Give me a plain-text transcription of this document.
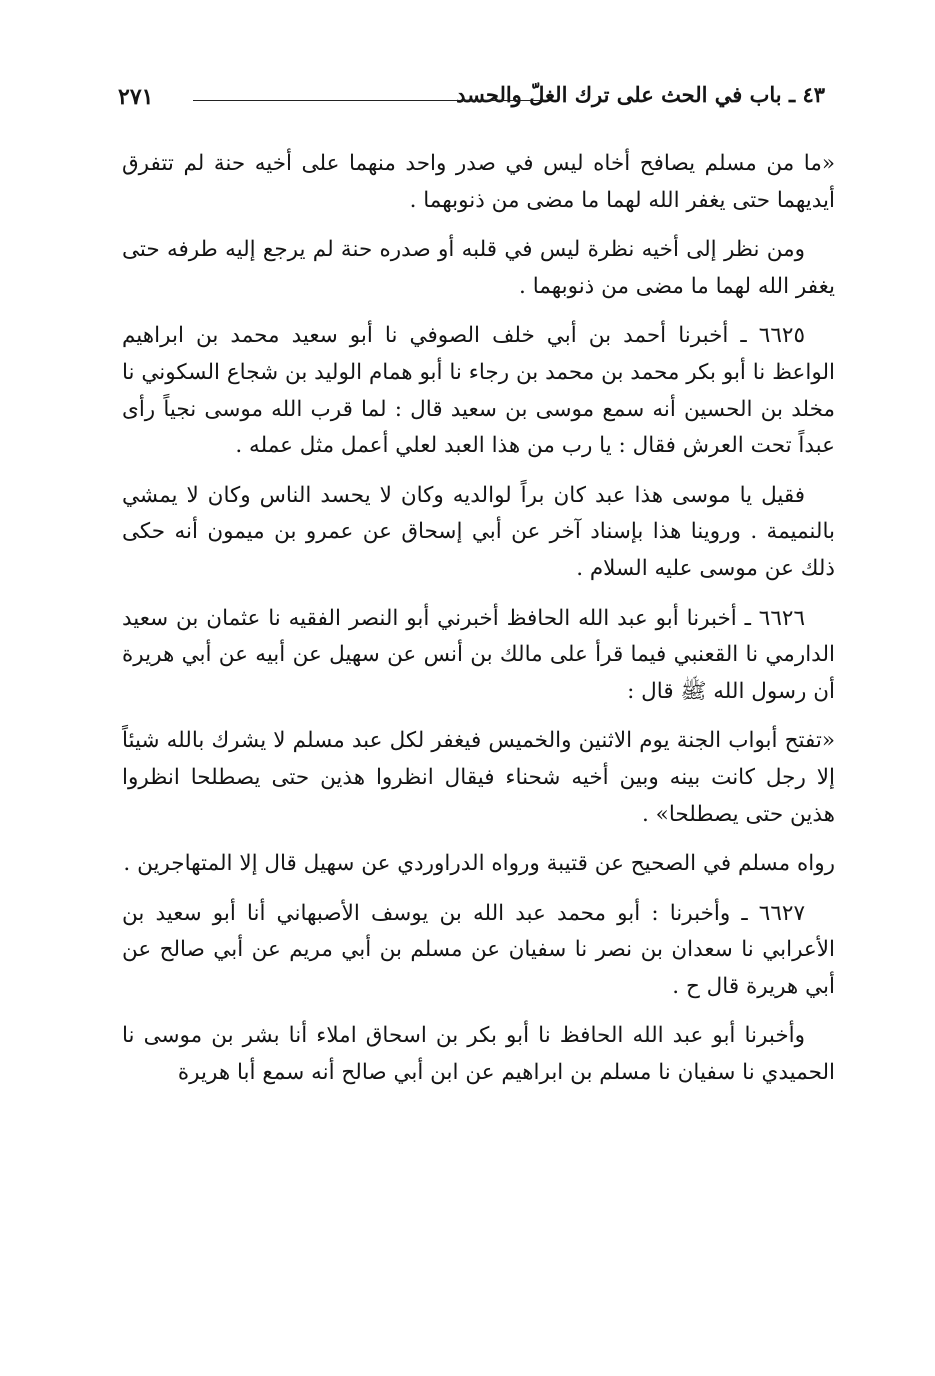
٤٣ ـ باب في الحث على ترك الغلّ والحسد
٢٧١

«ما من مسلم يصافح أخاه ليس في صدر واحد منهما على أخيه حنة لم تتفرق أيديهما حتى يغفر الله لهما ما مضى من ذنوبهما .

ومن نظر إلى أخيه نظرة ليس في قلبه أو صدره حنة لم يرجع إليه طرفه حتى يغفر الله لهما ما مضى من ذنوبهما .

٦٦٢٥ ـ أخبرنا أحمد بن أبي خلف الصوفي نا أبو سعيد محمد بن ابراهيم الواعظ نا أبو بكر محمد بن محمد بن رجاء نا أبو همام الوليد بن شجاع السكوني نا مخلد بن الحسين أنه سمع موسى بن سعيد قال : لما قرب الله موسى نجياً رأى عبداً تحت العرش فقال : يا رب من هذا العبد لعلي أعمل مثل عمله .

فقيل يا موسى هذا عبد كان براً لوالديه وكان لا يحسد الناس وكان لا يمشي بالنميمة . وروينا هذا بإسناد آخر عن أبي إسحاق عن عمرو بن ميمون أنه حكى ذلك عن موسى عليه السلام .

٦٦٢٦ ـ أخبرنا أبو عبد الله الحافظ أخبرني أبو النصر الفقيه نا عثمان بن سعيد الدارمي نا القعنبي فيما قرأ على مالك بن أنس عن سهيل عن أبيه عن أبي هريرة أن رسول الله ﷺ قال :

«تفتح أبواب الجنة يوم الاثنين والخميس فيغفر لكل عبد مسلم لا يشرك بالله شيئاً إلا رجل كانت بينه وبين أخيه شحناء فيقال انظروا هذين حتى يصطلحا انظروا هذين حتى يصطلحا» .

رواه مسلم في الصحيح عن قتيبة ورواه الدراوردي عن سهيل قال إلا المتهاجرين .

٦٦٢٧ ـ وأخبرنا : أبو محمد عبد الله بن يوسف الأصبهاني أنا أبو سعيد بن الأعرابي نا سعدان بن نصر نا سفيان عن مسلم بن أبي مريم عن أبي صالح عن أبي هريرة قال ح .

وأخبرنا أبو عبد الله الحافظ نا أبو بكر بن اسحاق املاء أنا بشر بن موسى نا الحميدي نا سفيان نا مسلم بن ابراهيم عن ابن أبي صالح أنه سمع أبا هريرة
